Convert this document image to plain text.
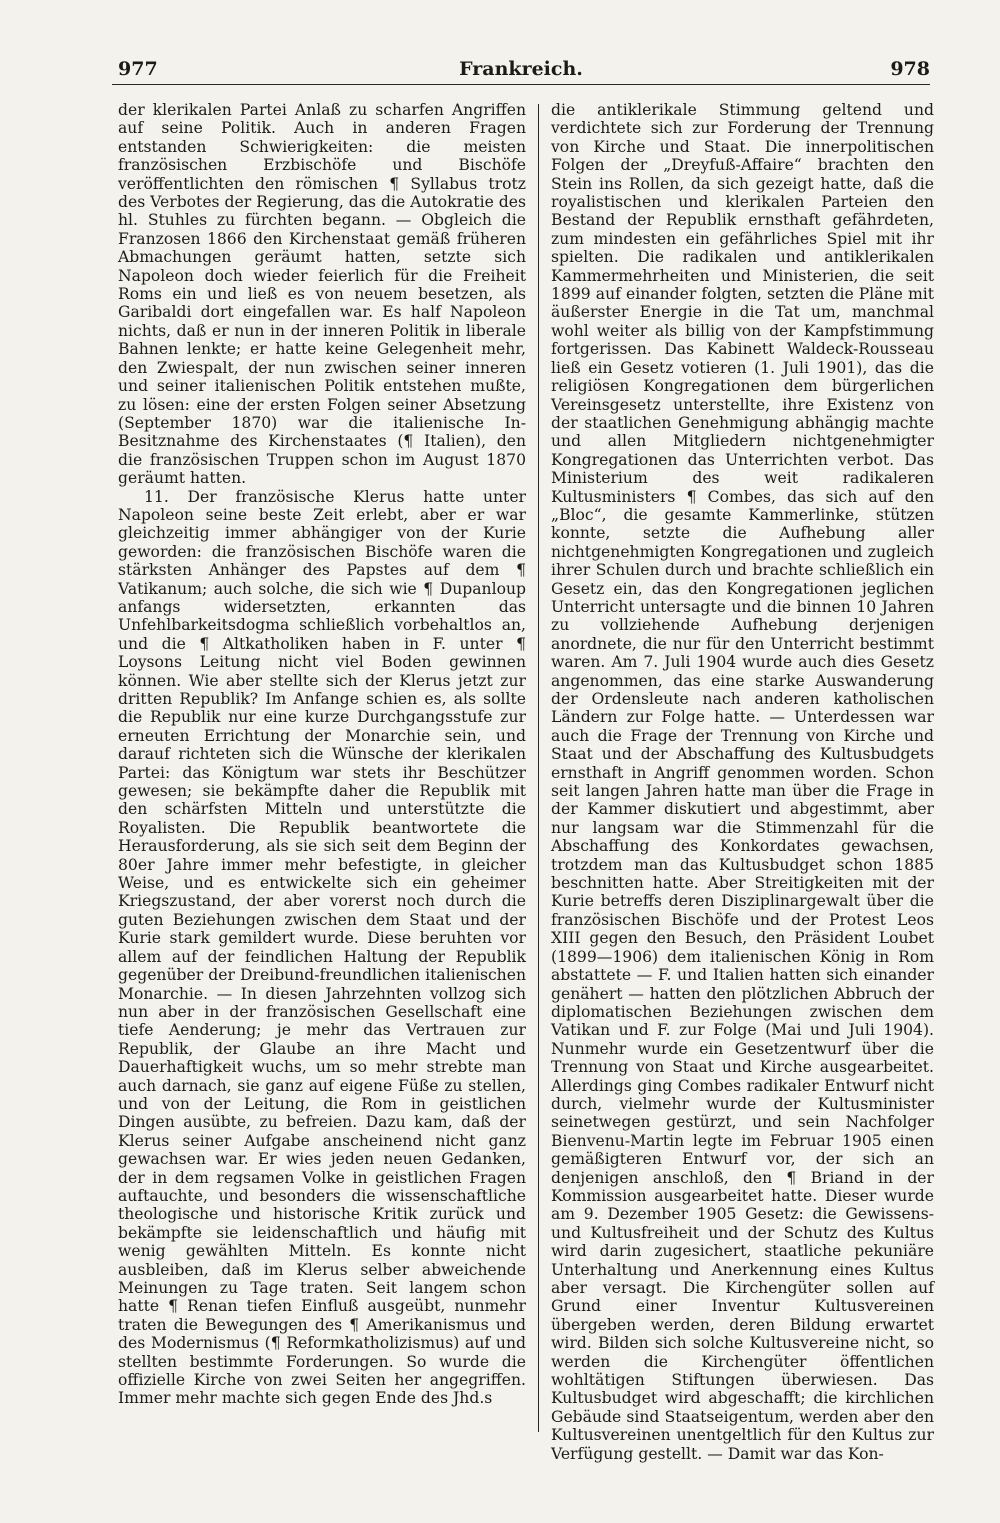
977	Frankreich.	978

der klerikalen Partei Anlaß zu scharfen Angriffen auf seine Politik. Auch in anderen Fragen entstanden Schwierigkeiten: die meisten französischen Erzbischöfe und Bischöfe veröffentlichten den römischen ¶ Syllabus trotz des Verbotes der Regierung, das die Autokratie des hl. Stuhles zu fürchten begann. — Obgleich die Franzosen 1866 den Kirchenstaat gemäß früheren Abmachungen geräumt hatten, setzte sich Napoleon doch wieder feierlich für die Freiheit Roms ein und ließ es von neuem besetzen, als Garibaldi dort eingefallen war. Es half Napoleon nichts, daß er nun in der inneren Politik in liberale Bahnen lenkte; er hatte keine Gelegenheit mehr, den Zwiespalt, der nun zwischen seiner inneren und seiner italienischen Politik entstehen mußte, zu lösen: eine der ersten Folgen seiner Absetzung (September 1870) war die italienische In-Besitznahme des Kirchenstaates (¶ Italien), den die französischen Truppen schon im August 1870 geräumt hatten.

11. Der französische Klerus hatte unter Napoleon seine beste Zeit erlebt, aber er war gleichzeitig immer abhängiger von der Kurie geworden: die französischen Bischöfe waren die stärksten Anhänger des Papstes auf dem ¶ Vatikanum; auch solche, die sich wie ¶ Dupanloup anfangs widersetzten, erkannten das Unfehlbarkeitsdogma schließlich vorbehaltlos an, und die ¶ Altkatholiken haben in F. unter ¶ Loysons Leitung nicht viel Boden gewinnen können. Wie aber stellte sich der Klerus jetzt zur dritten Republik? Im Anfange schien es, als sollte die Republik nur eine kurze Durchgangsstufe zur erneuten Errichtung der Monarchie sein, und darauf richteten sich die Wünsche der klerikalen Partei: das Königtum war stets ihr Beschützer gewesen; sie bekämpfte daher die Republik mit den schärfsten Mitteln und unterstützte die Royalisten. Die Republik beantwortete die Herausforderung, als sie sich seit dem Beginn der 80er Jahre immer mehr befestigte, in gleicher Weise, und es entwickelte sich ein geheimer Kriegszustand, der aber vorerst noch durch die guten Beziehungen zwischen dem Staat und der Kurie stark gemildert wurde. Diese beruhten vor allem auf der feindlichen Haltung der Republik gegenüber der Dreibund-freundlichen italienischen Monarchie. — In diesen Jahrzehnten vollzog sich nun aber in der französischen Gesellschaft eine tiefe Aenderung; je mehr das Vertrauen zur Republik, der Glaube an ihre Macht und Dauerhaftigkeit wuchs, um so mehr strebte man auch darnach, sie ganz auf eigene Füße zu stellen, und von der Leitung, die Rom in geistlichen Dingen ausübte, zu befreien. Dazu kam, daß der Klerus seiner Aufgabe anscheinend nicht ganz gewachsen war. Er wies jeden neuen Gedanken, der in dem regsamen Volke in geistlichen Fragen auftauchte, und besonders die wissenschaftliche theologische und historische Kritik zurück und bekämpfte sie leidenschaftlich und häufig mit wenig gewählten Mitteln. Es konnte nicht ausbleiben, daß im Klerus selber abweichende Meinungen zu Tage traten. Seit langem schon hatte ¶ Renan tiefen Einfluß ausgeübt, nunmehr traten die Bewegungen des ¶ Amerikanismus und des Modernismus (¶ Reformkatholizismus) auf und stellten bestimmte Forderungen. So wurde die offizielle Kirche von zwei Seiten her angegriffen. Immer mehr machte sich gegen Ende des Jhd.s

die antiklerikale Stimmung geltend und verdichtete sich zur Forderung der Trennung von Kirche und Staat. Die innerpolitischen Folgen der „Dreyfuß-Affaire“ brachten den Stein ins Rollen, da sich gezeigt hatte, daß die royalistischen und klerikalen Parteien den Bestand der Republik ernsthaft gefährdeten, zum mindesten ein gefährliches Spiel mit ihr spielten. Die radikalen und antiklerikalen Kammermehrheiten und Ministerien, die seit 1899 auf einander folgten, setzten die Pläne mit äußerster Energie in die Tat um, manchmal wohl weiter als billig von der Kampfstimmung fortgerissen. Das Kabinett Waldeck-Rousseau ließ ein Gesetz votieren (1. Juli 1901), das die religiösen Kongregationen dem bürgerlichen Vereinsgesetz unterstellte, ihre Existenz von der staatlichen Genehmigung abhängig machte und allen Mitgliedern nichtgenehmigter Kongregationen das Unterrichten verbot. Das Ministerium des weit radikaleren Kultusministers ¶ Combes, das sich auf den „Bloc“, die gesamte Kammerlinke, stützen konnte, setzte die Aufhebung aller nichtgenehmigten Kongregationen und zugleich ihrer Schulen durch und brachte schließlich ein Gesetz ein, das den Kongregationen jeglichen Unterricht untersagte und die binnen 10 Jahren zu vollziehende Aufhebung derjenigen anordnete, die nur für den Unterricht bestimmt waren. Am 7. Juli 1904 wurde auch dies Gesetz angenommen, das eine starke Auswanderung der Ordensleute nach anderen katholischen Ländern zur Folge hatte. — Unterdessen war auch die Frage der Trennung von Kirche und Staat und der Abschaffung des Kultusbudgets ernsthaft in Angriff genommen worden. Schon seit langen Jahren hatte man über die Frage in der Kammer diskutiert und abgestimmt, aber nur langsam war die Stimmenzahl für die Abschaffung des Konkordates gewachsen, trotzdem man das Kultusbudget schon 1885 beschnitten hatte. Aber Streitigkeiten mit der Kurie betreffs deren Disziplinargewalt über die französischen Bischöfe und der Protest Leos XIII gegen den Besuch, den Präsident Loubet (1899—1906) dem italienischen König in Rom abstattete — F. und Italien hatten sich einander genähert — hatten den plötzlichen Abbruch der diplomatischen Beziehungen zwischen dem Vatikan und F. zur Folge (Mai und Juli 1904). Nunmehr wurde ein Gesetzentwurf über die Trennung von Staat und Kirche ausgearbeitet. Allerdings ging Combes radikaler Entwurf nicht durch, vielmehr wurde der Kultusminister seinetwegen gestürzt, und sein Nachfolger Bienvenu-Martin legte im Februar 1905 einen gemäßigteren Entwurf vor, der sich an denjenigen anschloß, den ¶ Briand in der Kommission ausgearbeitet hatte. Dieser wurde am 9. Dezember 1905 Gesetz: die Gewissens- und Kultusfreiheit und der Schutz des Kultus wird darin zugesichert, staatliche pekuniäre Unterhaltung und Anerkennung eines Kultus aber versagt. Die Kirchengüter sollen auf Grund einer Inventur Kultusvereinen übergeben werden, deren Bildung erwartet wird. Bilden sich solche Kultusvereine nicht, so werden die Kirchengüter öffentlichen wohltätigen Stiftungen überwiesen. Das Kultusbudget wird abgeschafft; die kirchlichen Gebäude sind Staatseigentum, werden aber den Kultusvereinen unentgeltlich für den Kultus zur Verfügung gestellt. — Damit war das Kon-
